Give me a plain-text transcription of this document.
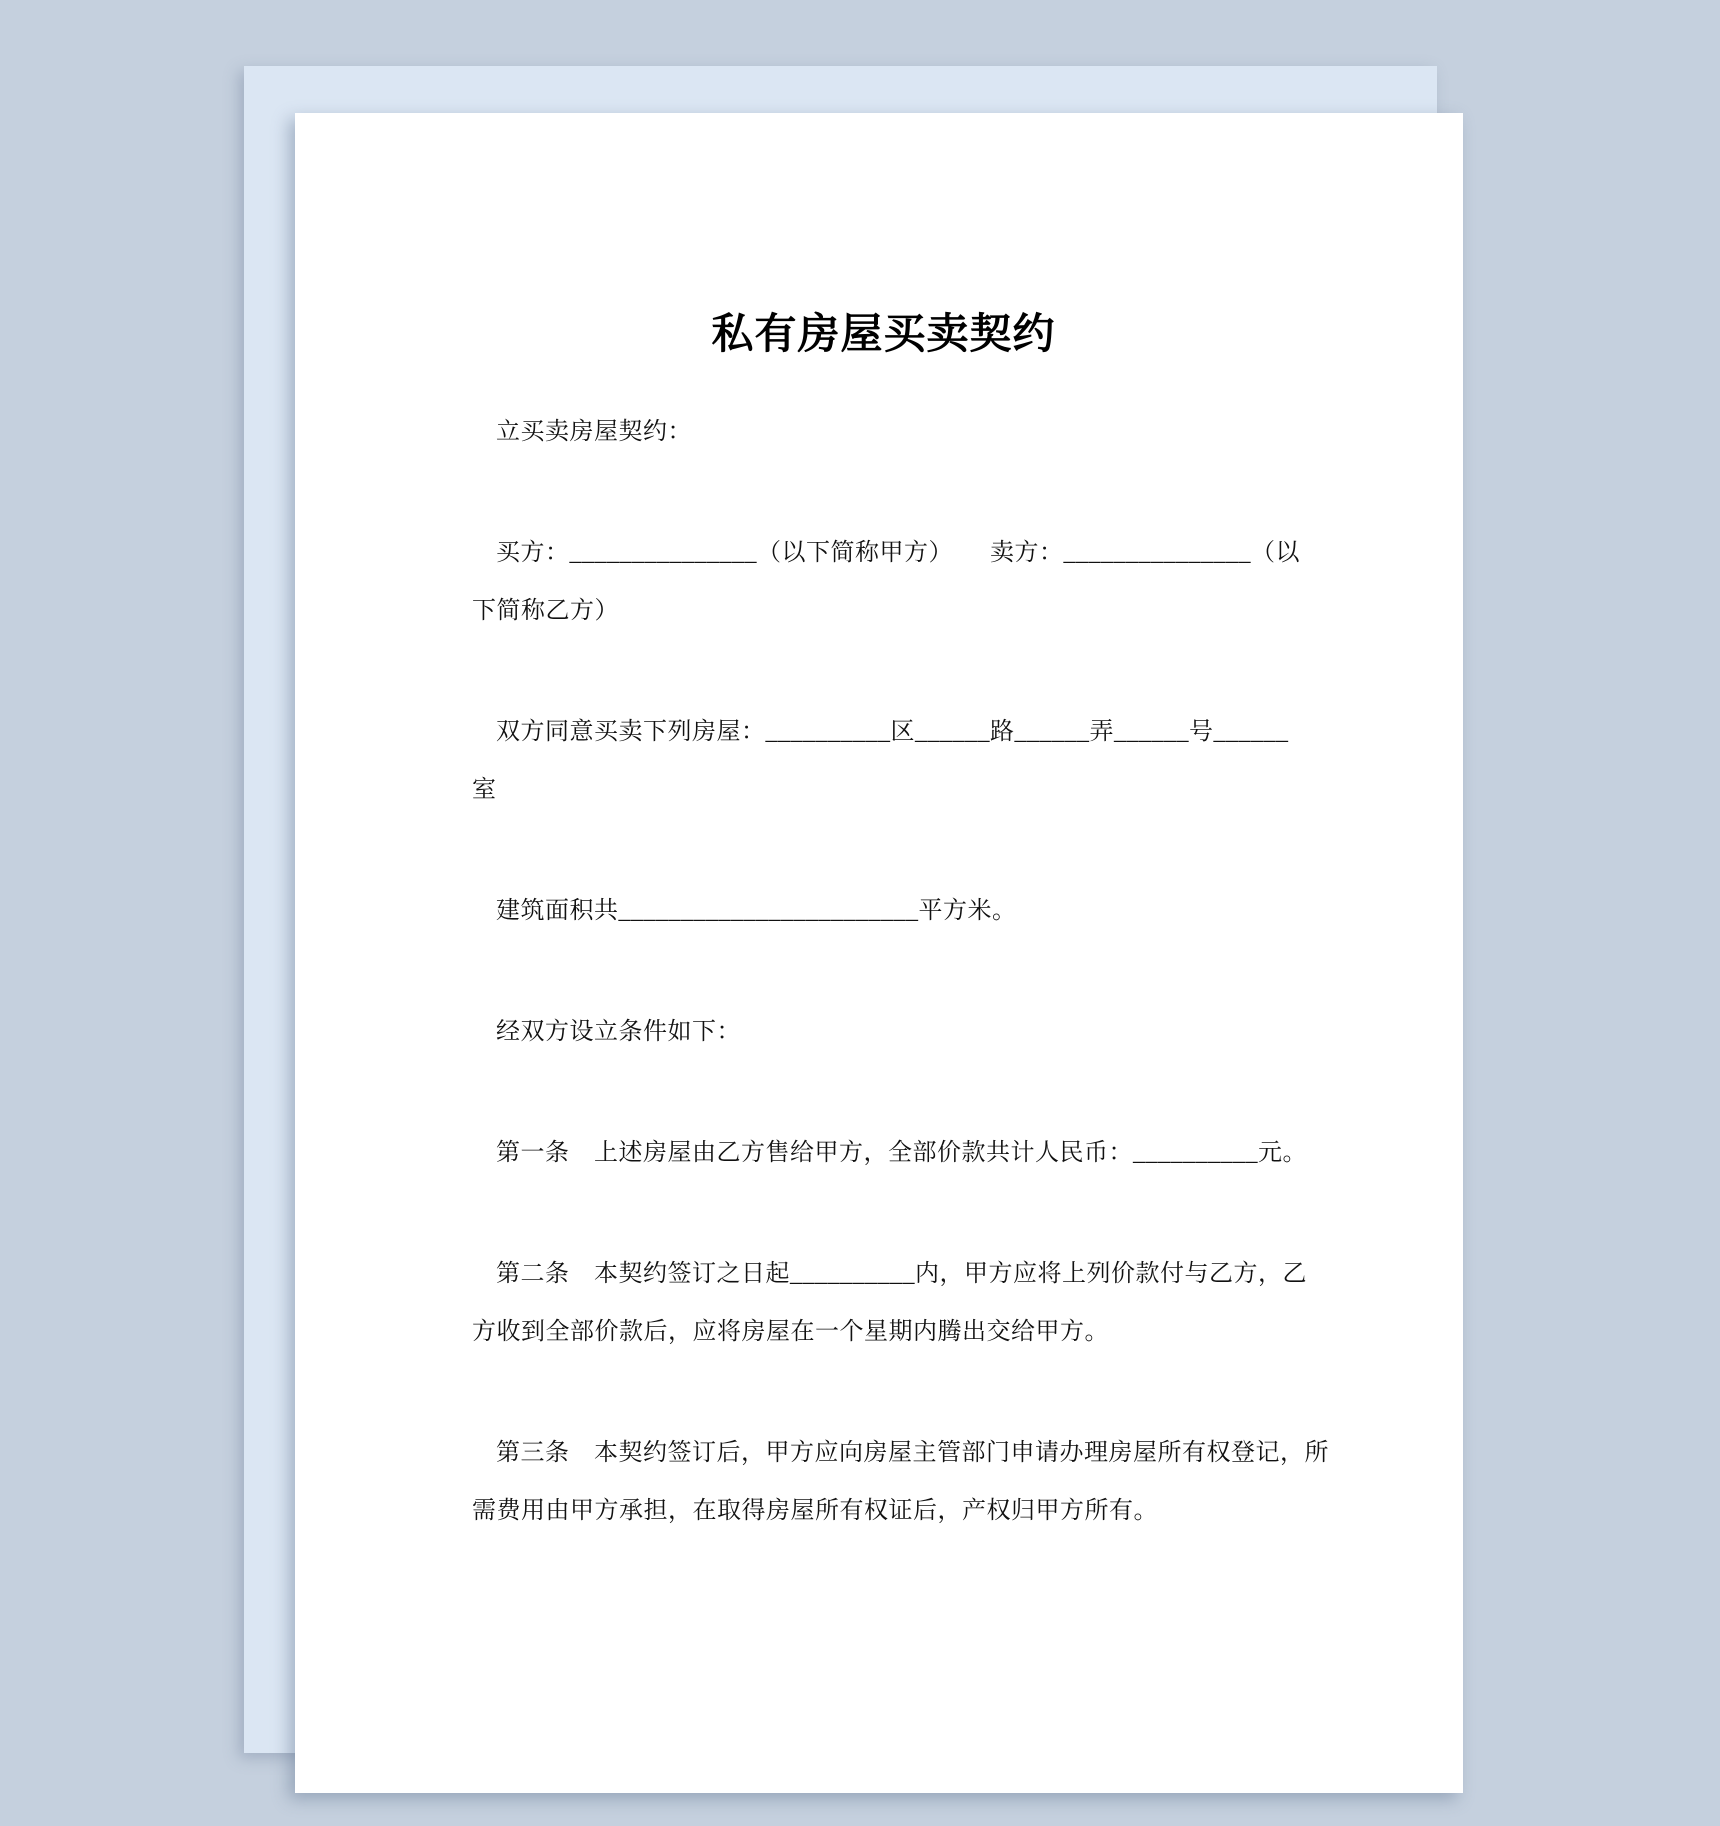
私有房屋买卖契约
立买卖房屋契约：
买方：_______________（以下简称甲方）　　卖方：_______________（以
下简称乙方）
双方同意买卖下列房屋：__________区______路______弄______号______
室
建筑面积共________________________平方米。
经双方设立条件如下：
第一条　上述房屋由乙方售给甲方，全部价款共计人民币：__________元。
第二条　本契约签订之日起__________内，甲方应将上列价款付与乙方，乙
方收到全部价款后，应将房屋在一个星期内腾出交给甲方。
第三条　本契约签订后，甲方应向房屋主管部门申请办理房屋所有权登记，所
需费用由甲方承担，在取得房屋所有权证后，产权归甲方所有。
